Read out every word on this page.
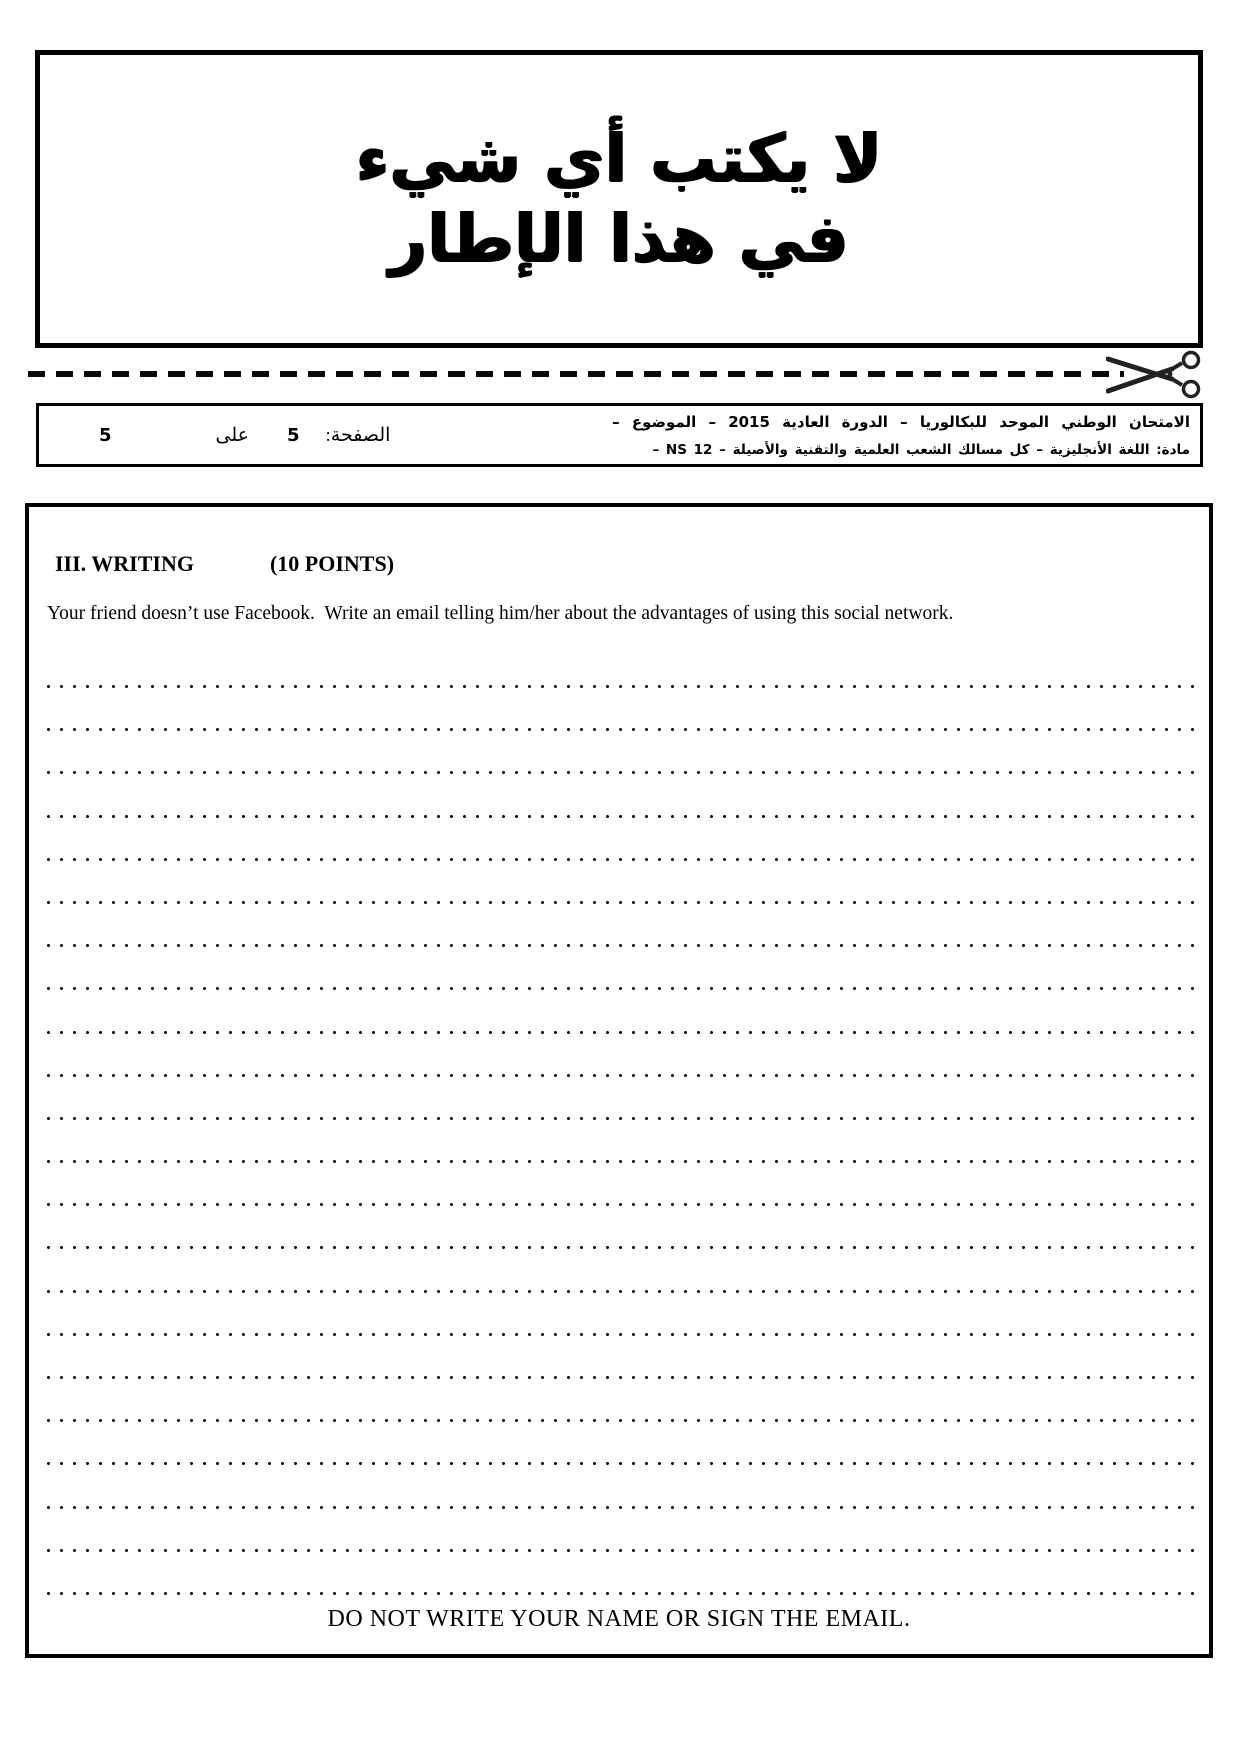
لا يكتب أي شيء
في هذا الإطار
الصفحة:
5
على
5
الامتحان الوطني الموحد للبكالوريا – الدورة العادية 2015 – الموضوع –
مادة: اللغة الأنجليزية – كل مسالك الشعب العلمية والتقنية والأصيلة – NS 12 –
III. WRITING	(10 POINTS)
Your friend doesn’t use Facebook.  Write an email telling him/her about the advantages of using this social network.
DO NOT WRITE YOUR NAME OR SIGN THE EMAIL.
